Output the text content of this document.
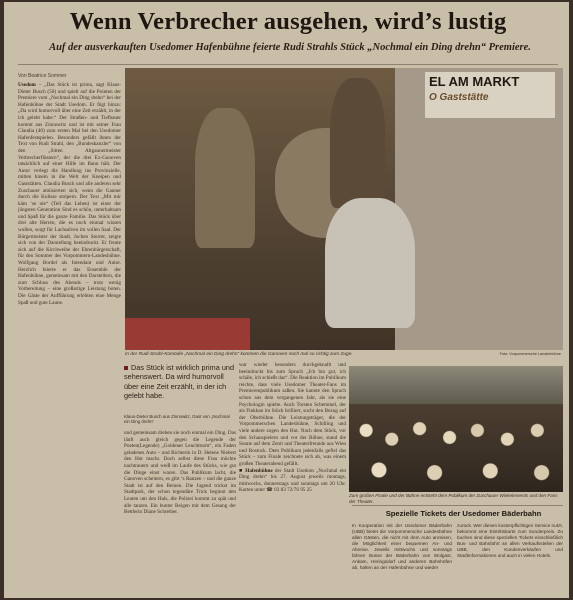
Wenn Verbrecher ausgehen, wird’s lustig
Auf der ausverkauften Usedomer Hafenbühne feierte Rudi Strahls Stück „Nochmal ein Ding drehn“ Premiere.
Von Beatrice Sommer
Usedom – „Das Stück ist prima, sagt Klaus-Dieter Busch (56) und spielt auf die Pointen der Premiere vom „Nochmal ein Ding drehn“ bei der Hafenbühne der Stadt Usedom. Er fügt hinzu: „Da wird humorvoll über eine Zeit erzählt, in der ich gelebt habe.“ Der Straßen- und Tiefbauer kommt aus Zinnowitz und ist mit seiner Frau Claudia (40) zum ersten Mal bei den Usedomer Hafenfestspielen. Besonders gefällt ihnen der Text von Rudi Strahl, den „Bundeskanzler“ von den „Sitten Altgaunermeister Verbrecherflüstern“, der die drei Ex-Ganoven tatsächlich auf einer Hilfe im Bann hält. Der Autor verlegt die Handlung ins Provinzielle, mitten hinein in die Welt der Kneipen und Gaststätten. Claudia Busch und alle anderen sehr Zuschauer amüsierten sich, wenn die Gauner durch die Kulisse stolpern. Der Text „Mit mir käm ‘se nie“ (Teil das Leben) ist einer der jüngsten Generation Sind es schön, unterhaltsam und Spaß für die ganze Familie. Das Stück über drei alte Herren, die es noch einmal wissen wollen, sorgt für Lachsalven im vollen Saal. Der Bürgermeister der Stadt, Jochen Storrer, zeigte sich von der Darstellung beeindruckt. Er freute sich auf die Kirchweihe der Ehrenbürgerschaft, für den Sommer des Vorpommern-Landesbühne. Wolfgang Bordel als Intendant und Autor. Herzlich feierte er das Ensemble der Hafenbühne, gemeinsam mit den Darstellern, die zum Schluss des Abends – trotz wenig Vorbereitung – eine großartige Leistung boten. Die Gäste der Aufführung erlebten eine Menge Spaß und gute Laune.
EL AM MARKT
O Gaststätte
In der Rudi-Strahl-Komödie „Nochmal ein Ding drehn“ kommen die Ganoven noch mal so richtig zum Zuge.	Foto: Vorpommersche Landesbühne
Das Stück ist wirklich prima und sehenswert. Da wird humorvoll über eine Zeit erzählt, in der ich gelebt habe.
Klaus-Dieter Busch aus Zinnowitz, Gast von „Nochmal ein Ding drehn“
und gemeinsam drehen sie noch einmal ein Ding. Das läuft auch gleich gegen die Legende der Poeten(Legende) „Goldener Leuchtturm“, ein Faden geladenes Auto – und Richterin in D. Helene Niebert den Hut macht. Doch selbst diese Frau möchte nachtrauern und weiß im Laufe des Stücks, wie gut die Dinge einst waren. Das Publikum lacht, die Ganoven scheitern, es gibt ‘s Ranzen – und die ganze Stadt ist auf den Beinen. Die Jugend trickst im Stadtpark, der schon legendäre Trick beginnt den Leuten um den Hals, die Polizei kommt zu spät und alle tanzen. Ein bunter Reigen mit dem Gesang der Bettlerin Diane Schreiber.
war wieder besonders durchgeknallt und beeindruckt bis zum Spruch „Ich bin gut, ich schäle, ich schießt das“. Die Reaktion im Publikum reichte, dass viele Usedomer Theater-Fans im Premierenpublikum saßen. Sie kannte den Sprach schon aus dem vergangenen Jahr, als sie eine Psychologin spielte. Auch Torsten Schemmel, der als Finkhan im Stück brilliert, sucht den Bezug auf der Oberbühne. Die Leistungsträger, die der Vorpommerschen Landesbühne, Schilling und viele andere zogen den Hut. Nach dem Stück, vor den Schauspielern und vor der Bühne, stand die Sonne auf dem Zenit und Theaterfreunde aus Wien und Rostock. Dem Publikum jedenfalls gefiel das Stück – zum Finale zeichnete sich ab, was einem großen Theaterabend gefällt.
■ Hafenbühne der Stadt Usedom „Nochmal ein Ding drehn“ bis 27. August jeweils montags, mittwochs, donnerstags und sonntags um 20 Uhr. Karten unter ☎ 03 83 72/76 95 25
Zum großen Finale und der Bühne entsteht dem Publikum der Zuschauer Winkelements und den Fans der Theater.
Spezielle Tickets der Usedomer Bäderbahn
In Kooperation mit der Usedomer Bäderbahn (UBB) bietet die Vorpommersche Landesbühne allen Gästen, die nicht mit dem Auto anreisen, die Möglichkeit einer bequemen An- und Abreise. Jeweils mittwochs und sonntags fahren Busse der Bäderbahn von Wolgast, Ankam, Heringsdorf und anderen Bahnhöfen ab, halten an der Hafenbühne und wieder
zurück. Wer diesen kostenpflichtigen Service nutzt, bekommt eine Eintrittskarte zum Sonderpreis. Zu buchen sind diese speziellen Tickets einschließlich Bus- und Bahnfahrt an allen Verkaufsstellen der UBB, den Kundenverkäufen und Stadtinformationen und auch in vielen Hotels.
